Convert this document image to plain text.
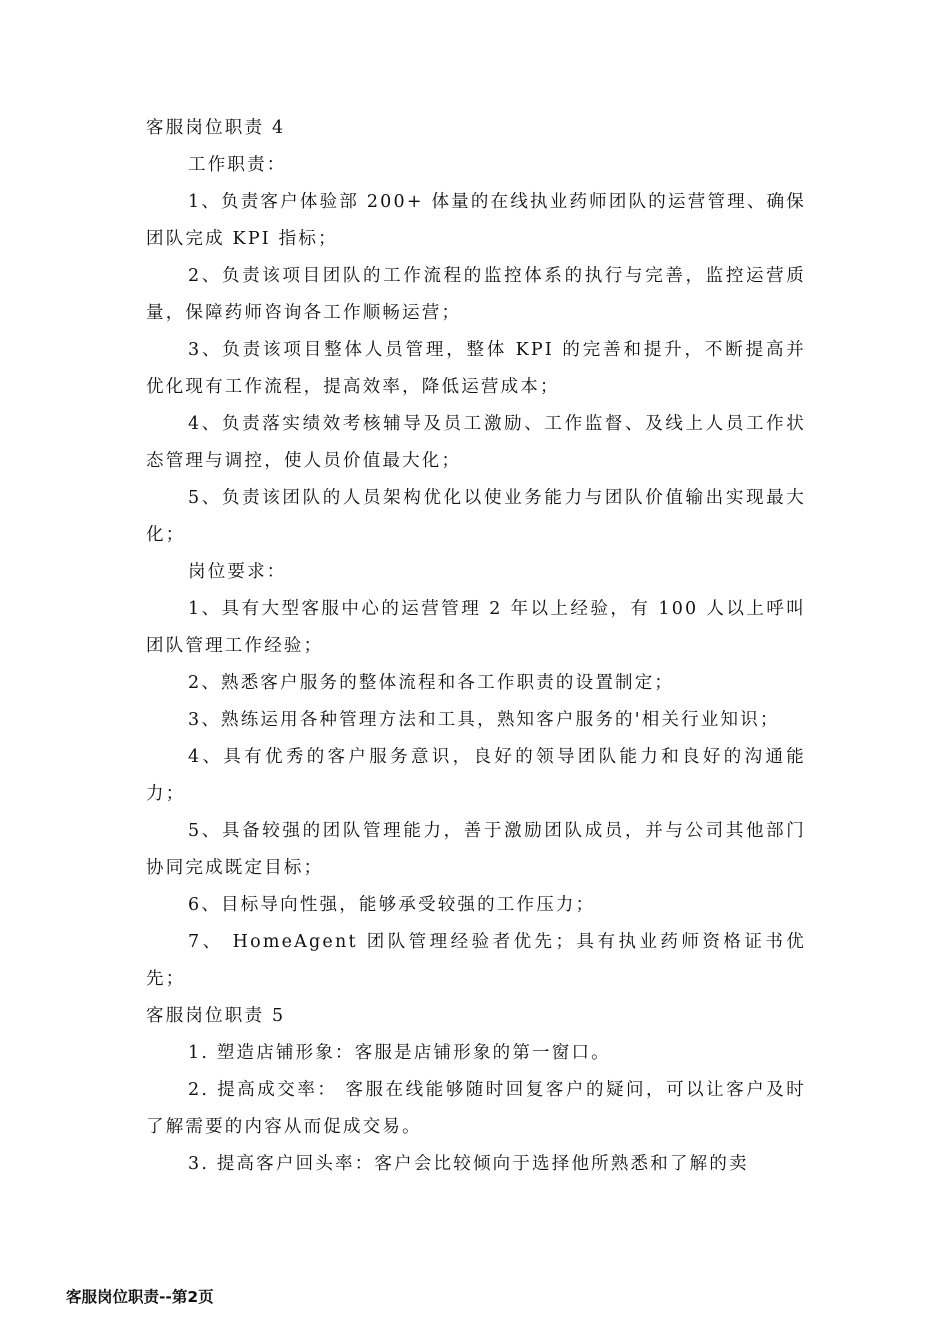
客服岗位职责 4

工作职责：

1、负责客户体验部 200+ 体量的在线执业药师团队的运营管理、确保团队完成 KPI 指标；

2、负责该项目团队的工作流程的监控体系的执行与完善，监控运营质量，保障药师咨询各工作顺畅运营；

3、负责该项目整体人员管理，整体 KPI 的完善和提升，不断提高并优化现有工作流程，提高效率，降低运营成本；

4、负责落实绩效考核辅导及员工激励、工作监督、及线上人员工作状态管理与调控，使人员价值最大化；

5、负责该团队的人员架构优化以使业务能力与团队价值输出实现最大化；

岗位要求：

1、具有大型客服中心的运营管理 2 年以上经验，有 100 人以上呼叫团队管理工作经验；

2、熟悉客户服务的整体流程和各工作职责的设置制定；

3、熟练运用各种管理方法和工具，熟知客户服务的'相关行业知识；

4、具有优秀的客户服务意识，良好的领导团队能力和良好的沟通能力；

5、具备较强的团队管理能力，善于激励团队成员，并与公司其他部门协同完成既定目标；

6、目标导向性强，能够承受较强的工作压力；

7、 HomeAgent 团队管理经验者优先；具有执业药师资格证书优先；

客服岗位职责 5

1. 塑造店铺形象：客服是店铺形象的第一窗口。

2. 提高成交率： 客服在线能够随时回复客户的疑问，可以让客户及时了解需要的内容从而促成交易。

3. 提高客户回头率：客户会比较倾向于选择他所熟悉和了解的卖

客服岗位职责--第2页
